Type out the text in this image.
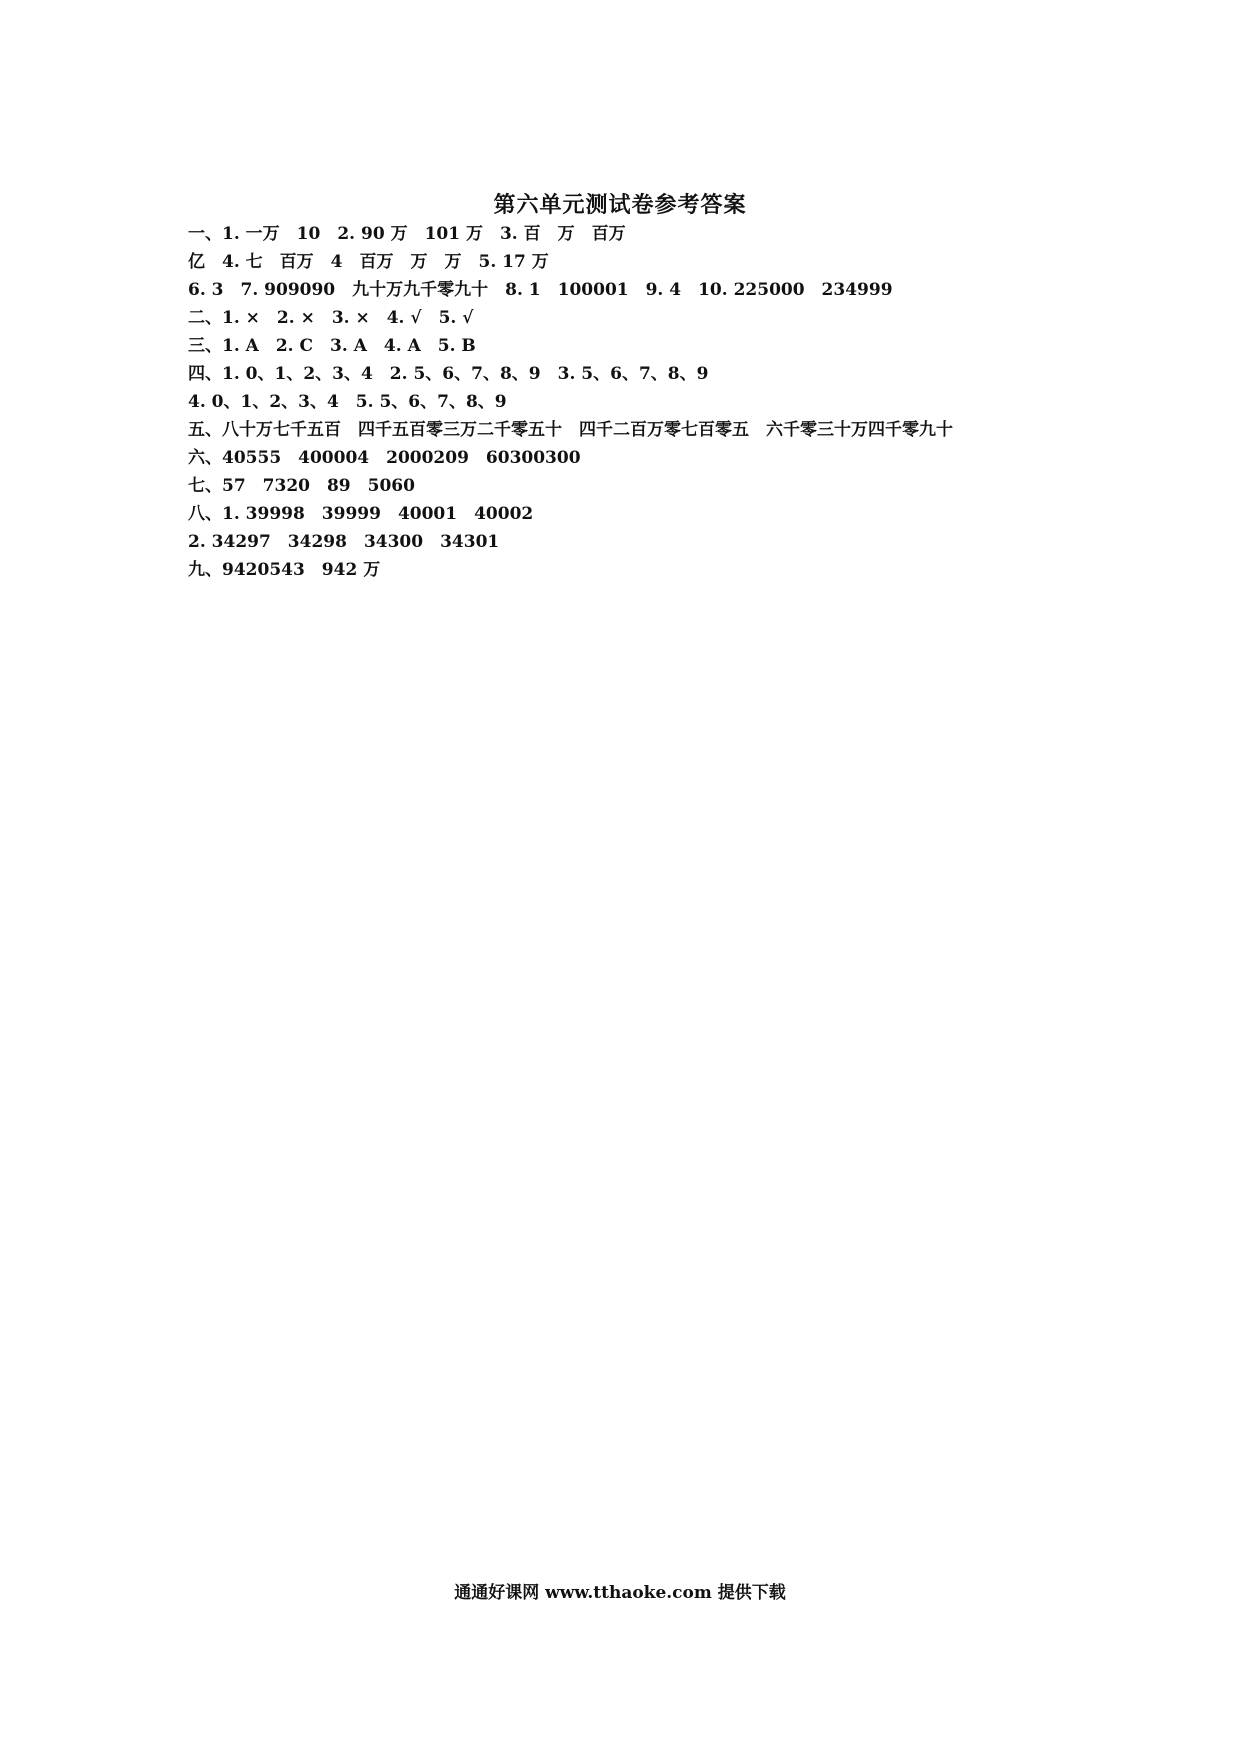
第六单元测试卷参考答案
一、1. 一万　10　2. 90 万　101 万　3. 百　万　百万
亿　4. 七　百万　4　百万　万　万　5. 17 万
6. 3　7. 909090　九十万九千零九十　8. 1　100001　9. 4　10. 225000　234999
二、1. ×　2. ×　3. ×　4. √　5. √
三、1. A　2. C　3. A　4. A　5. B
四、1. 0、1、2、3、4　2. 5、6、7、8、9　3. 5、6、7、8、9
4. 0、1、2、3、4　5. 5、6、7、8、9
五、八十万七千五百　四千五百零三万二千零五十　四千二百万零七百零五　六千零三十万四千零九十
六、40555　400004　2000209　60300300
七、57　7320　89　5060
八、1. 39998　39999　40001　40002
2. 34297　34298　34300　34301
九、9420543　942 万
通通好课网 www.tthaoke.com 提供下载
